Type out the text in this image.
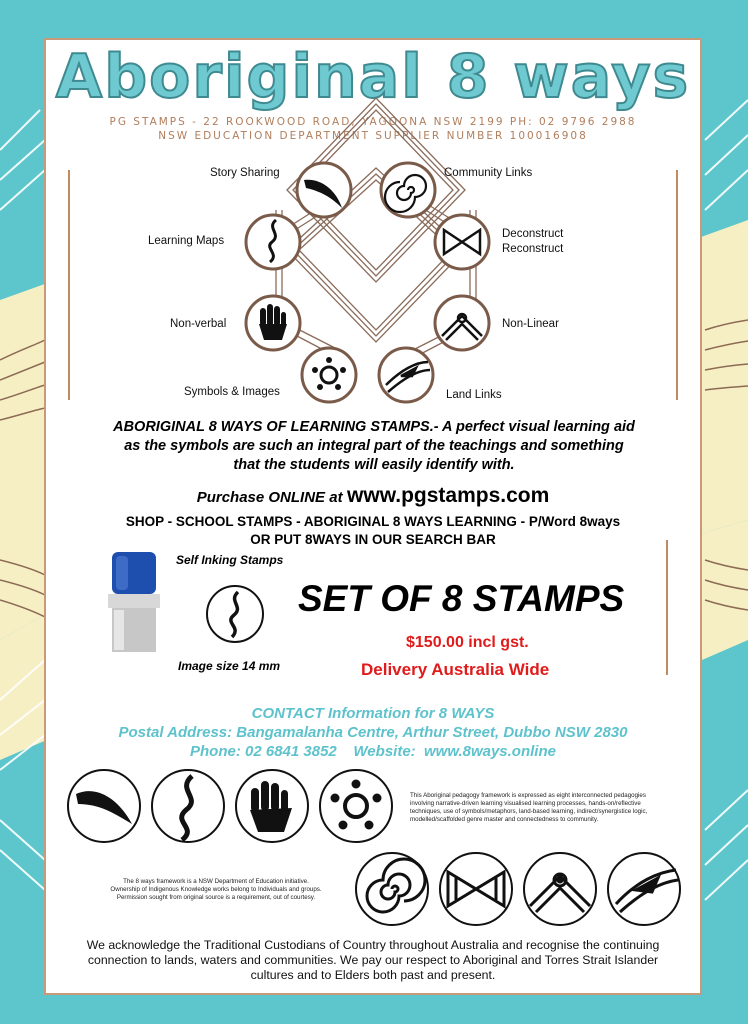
Aboriginal 8 ways
PG STAMPS - 22 ROOKWOOD ROAD, YAGOONA NSW 2199 PH: 02 9796 2988
NSW EDUCATION DEPARTMENT SUPPLIER NUMBER 100016908
Story Sharing	Community Links
Learning Maps
Deconstruct
Reconstruct
Non-verbal	Non-Linear
Symbols & Images	Land Links
ABORIGINAL 8 WAYS OF LEARNING STAMPS.- A perfect visual learning aid
as the symbols are such an integral part of the teachings and something
that the students will easily identify with.
Purchase ONLINE at www.pgstamps.com
SHOP - SCHOOL STAMPS - ABORIGINAL 8 WAYS LEARNING - P/Word 8ways
OR PUT 8WAYS IN OUR SEARCH BAR
Self Inking Stamps
Image size 14 mm
SET OF 8 STAMPS
$150.00 incl gst.
Delivery Australia Wide
CONTACT Information for 8 WAYS
Postal Address: Bangamalanha Centre, Arthur Street, Dubbo NSW 2830
Phone: 02 6841 3852    Website:  www.8ways.online
This Aboriginal pedagogy framework is expressed as eight interconnected pedagogies
involving narrative-driven learning visualised learning processes, hands-on/reflective
techniques, use of symbols/metaphors, land-based learning, indirect/synergistice logic,
modelled/scaffolded genre master and connectedness to community.
The 8 ways framework is a NSW Department of Education initiative.
Ownership of Indigenous Knowledge works belong to Individuals and groups.
Permission sought from original source is a requirement, out of courtesy.
We acknowledge the Traditional Custodians of Country throughout Australia and recognise the continuing
connection to lands, waters and communities. We pay our respect to Aboriginal and Torres Strait Islander
cultures and to Elders both past and present.
